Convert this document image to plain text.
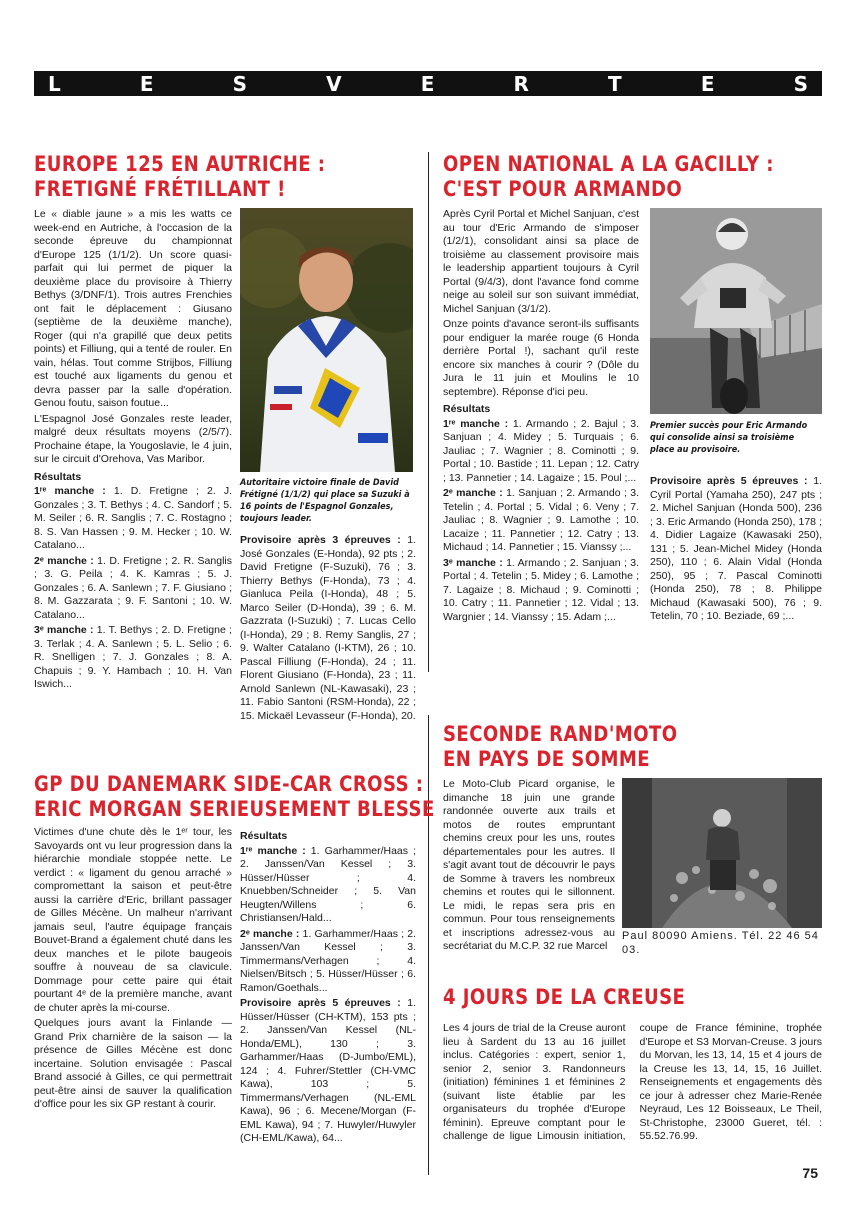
L	E	S	V	E	R	T	E	S
EUROPE 125 EN AUTRICHE :
FRETIGNÉ FRÉTILLANT !

Le « diable jaune » a mis les watts ce week-end en Autriche, à l'occasion de la seconde épreuve du championnat d'Europe 125 (1/1/2). Un score quasi-parfait qui lui permet de piquer la deuxième place du provisoire à Thierry Bethys (3/DNF/1). Trois autres Frenchies ont fait le déplacement : Giusano (septième de la deuxième manche), Roger (qui n'a grapillé que deux petits points) et Filliung, qui a tenté de rouler. En vain, hélas. Tout comme Strijbos, Filliung est touché aux ligaments du genou et devra passer par la salle d'opération. Genou foutu, saison foutue...

L'Espagnol José Gonzales reste leader, malgré deux résultats moyens (2/5/7). Prochaine étape, la Yougoslavie, le 4 juin, sur le circuit d'Orehova, Vas Maribor.

Résultats

1ʳᵉ manche : 1. D. Fretigne ; 2. J. Gonzales ; 3. T. Bethys ; 4. C. Sandorf ; 5. M. Seiler ; 6. R. Sanglis ; 7. C. Rostagno ; 8. S. Van Hassen ; 9. M. Hecker ; 10. W. Catalano...

2ᵉ manche : 1. D. Fretigne ; 2. R. Sanglis ; 3. G. Peila ; 4. K. Kamras ; 5. J. Gonzales ; 6. A. Sanlewn ; 7. F. Giusiano ; 8. M. Gazzarata ; 9. F. Santoni ; 10. W. Catalano...

3ᵉ manche : 1. T. Bethys ; 2. D. Fretigne ; 3. Terlak ; 4. A. Sanlewn ; 5. L. Selio ; 6. R. Snelligen ; 7. J. Gonzales ; 8. A. Chapuis ; 9. Y. Hambach ; 10. H. Van Iswich...

Autoritaire victoire finale de David Frétigné (1/1/2) qui place sa Suzuki à 16 points de l'Espagnol Gonzales, toujours leader.

Provisoire après 3 épreuves : 1. José Gonzales (E-Honda), 92 pts ; 2. David Fretigne (F-Suzuki), 76 ; 3. Thierry Bethys (F-Honda), 73 ; 4. Gianluca Peila (I-Honda), 48 ; 5. Marco Seiler (D-Honda), 39 ; 6. M. Gazzrata (I-Suzuki) ; 7. Lucas Cello (I-Honda), 29 ; 8. Remy Sanglis, 27 ; 9. Walter Catalano (I-KTM), 26 ; 10. Pascal Filliung (F-Honda), 24 ; 11. Florent Giusiano (F-Honda), 23 ; 11. Arnold Sanlewn (NL-Kawasaki), 23 ; 11. Fabio Santoni (RSM-Honda), 22 ; 15. Mickaël Levasseur (F-Honda), 20.

OPEN NATIONAL A LA GACILLY :
C'EST POUR ARMANDO

Après Cyril Portal et Michel Sanjuan, c'est au tour d'Eric Armando de s'imposer (1/2/1), consolidant ainsi sa place de troisième au classement provisoire mais le leadership appartient toujours à Cyril Portal (9/4/3), dont l'avance fond comme neige au soleil sur son suivant immédiat, Michel Sanjuan (3/1/2).

Onze points d'avance seront-ils suffisants pour endiguer la marée rouge (6 Honda derrière Portal !), sachant qu'il reste encore six manches à courir ? (Dôle du Jura le 11 juin et Moulins le 10 septembre). Réponse d'ici peu.

Résultats

1ʳᵉ manche : 1. Armando ; 2. Bajul ; 3. Sanjuan ; 4. Midey ; 5. Turquais ; 6. Jauliac ; 7. Wagnier ; 8. Cominotti ; 9. Portal ; 10. Bastide ; 11. Lepan ; 12. Catry ; 13. Pannetier ; 14. Lagaize ; 15. Poul ;...

2ᵉ manche : 1. Sanjuan ; 2. Armando ; 3. Tetelin ; 4. Portal ; 5. Vidal ; 6. Veny ; 7. Jauliac ; 8. Wagnier ; 9. Lamothe ; 10. Lacaize ; 11. Pannetier ; 12. Catry ; 13. Michaud ; 14. Pannetier ; 15. Vianssy ;...

3ᵉ manche : 1. Armando ; 2. Sanjuan ; 3. Portal ; 4. Tetelin ; 5. Midey ; 6. Lamothe ; 7. Lagaize ; 8. Michaud ; 9. Cominotti ; 10. Catry ; 11. Pannetier ; 12. Vidal ; 13. Wargnier ; 14. Vianssy ; 15. Adam ;...

Premier succès pour Eric Armando qui consolide ainsi sa troisième place au provisoire.

Provisoire après 5 épreuves : 1. Cyril Portal (Yamaha 250), 247 pts ; 2. Michel Sanjuan (Honda 500), 236 ; 3. Eric Armando (Honda 250), 178 ; 4. Didier Lagaize (Kawasaki 250), 131 ; 5. Jean-Michel Midey (Honda 250), 110 ; 6. Alain Vidal (Honda 250), 95 ; 7. Pascal Cominotti (Honda 250), 78 ; 8. Philippe Michaud (Kawasaki 500), 76 ; 9. Tetelin, 70 ; 10. Beziade, 69 ;...

GP DU DANEMARK SIDE-CAR CROSS :
ERIC MORGAN SERIEUSEMENT BLESSE

Victimes d'une chute dès le 1ᵉʳ tour, les Savoyards ont vu leur progression dans la hiérarchie mondiale stoppée nette. Le verdict : « ligament du genou arraché » compromettant la saison et peut-être aussi la carrière d'Eric, brillant passager de Gilles Mécène. Un malheur n'arrivant jamais seul, l'autre équipage français Bouvet-Brand a également chuté dans les deux manches et le pilote baugeois souffre à nouveau de sa clavicule. Dommage pour cette paire qui était pourtant 4ᵉ de la première manche, avant de chuter après la mi-course.

Quelques jours avant la Finlande — Grand Prix charnière de la saison — la présence de Gilles Mécène est donc incertaine. Solution envisagée : Pascal Brand associé à Gilles, ce qui permettrait peut-être ainsi de sauver la qualification d'office pour les six GP restant à courir.

Résultats

1ʳᵉ manche : 1. Garhammer/Haas ; 2. Janssen/Van Kessel ; 3. Hüsser/Hüsser ; 4. Knuebben/Schneider ; 5. Van Heugten/Willens ; 6. Christiansen/Hald...

2ᵉ manche : 1. Garhammer/Haas ; 2. Janssen/Van Kessel ; 3. Timmermans/Verhagen ; 4. Nielsen/Bitsch ; 5. Hüsser/Hüsser ; 6. Ramon/Goethals...

Provisoire après 5 épreuves : 1. Hüsser/Hüsser (CH-KTM), 153 pts ; 2. Janssen/Van Kessel (NL-Honda/EML), 130 ; 3. Garhammer/Haas (D-Jumbo/EML), 124 ; 4. Fuhrer/Stettler (CH-VMC Kawa), 103 ; 5. Timmermans/Verhagen (NL-EML Kawa), 96 ; 6. Mecene/Morgan (F-EML Kawa), 94 ; 7. Huwyler/Huwyler (CH-EML/Kawa), 64...

SECONDE RAND'MOTO
EN PAYS DE SOMME

Le Moto-Club Picard organise, le dimanche 18 juin une grande randonnée ouverte aux trails et motos de routes empruntant chemins creux pour les uns, routes départementales pour les autres. Il s'agit avant tout de découvrir le pays de Somme à travers les nombreux chemins et routes qui le sillonnent. Le midi, le repas sera pris en commun. Pour tous renseignements et inscriptions adressez-vous au secrétariat du M.C.P. 32 rue Marcel

Paul 80090 Amiens. Tél. 22 46 54 03.
4 JOURS DE LA CREUSE

Les 4 jours de trial de la Creuse auront lieu à Sardent du 13 au 16 juillet inclus. Catégories : expert, senior 1, senior 2, senior 3. Randonneurs (initiation) féminines 1 et féminines 2 (suivant liste établie par les organisateurs du trophée d'Europe féminin). Epreuve comptant pour le challenge de ligue Limousin initiation, coupe de France féminine, trophée d'Europe et S3 Morvan-Creuse. 3 jours du Morvan, les 13, 14, 15 et 4 jours de la Creuse les 13, 14, 15, 16 Juillet. Renseignements et engagements dès ce jour à adresser chez Marie-Renée Neyraud, Les 12 Boisseaux, Le Theil, St-Christophe, 23000 Gueret, tél. : 55.52.76.99.

75
